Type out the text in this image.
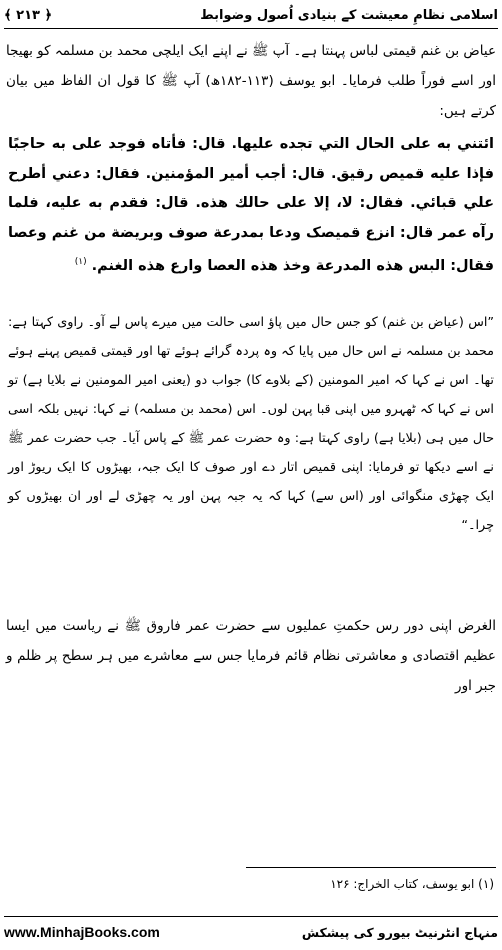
اسلامی نظامِ معیشت کے بنیادی اُصول وضوابط
﴿ ۲۱۳ ﴾
عیاض بن غنم قیمتی لباس پہنتا ہے۔ آپ ﷺ نے اپنے ایک ایلچی محمد بن مسلمہ کو بھیجا اور اسے فوراً طلب فرمایا۔ ابو یوسف (۱۱۳-۱۸۲ھ) آپ ﷺ کا قول ان الفاظ میں بیان کرتے ہیں:
ائتني به على الحال التي تجده عليها. قال: فأتاه فوجد على به حاجبًا فإذا عليه قميص رقيق. قال: أجب أمير المؤمنين. فقال: دعني أطرح علي قبائي. فقال: لا، إلا على حالك هذه. قال: فقدم به عليه، فلما رآه عمر قال: انزع قميصک ودعا بمدرعة صوف وبريضة من غنم وعصا فقال: البس هذه المدرعة وخذ هذه العصا وارع هذه الغنم. $^{(۱)}$
”اس (عیاض بن غنم) کو جس حال میں پاؤ اسی حالت میں میرے پاس لے آو۔ راوی کہتا ہے: محمد بن مسلمہ نے اس حال میں پایا کہ وہ پردہ گرائے ہوئے تھا اور قیمتی قمیص پہنے ہوئے تھا۔ اس نے کہا کہ امیر المومنین (کے بلاوے کا) جواب دو (یعنی امیر المومنین نے بلایا ہے) تو اس نے کہا کہ ٹھہرو میں اپنی قبا پہن لوں۔ اس (محمد بن مسلمہ) نے کہا: نہیں بلکہ اسی حال میں ہی (بلایا ہے) راوی کہتا ہے: وہ حضرت عمر ﷺ کے پاس آیا۔ جب حضرت عمر ﷺ نے اسے دیکھا تو فرمایا: اپنی قمیص اتار دے اور صوف کا ایک جبہ، بھیڑوں کا ایک ریوڑ اور ایک چھڑی منگوائی اور (اس سے) کہا کہ یہ جبہ پہن اور یہ چھڑی لے اور ان بھیڑوں کو چرا۔“
الغرض اپنی دور رس حکمتِ عملیوں سے حضرت عمر فاروق ﷺ نے ریاست میں ایسا عظیم اقتصادی و معاشرتی نظام قائم فرمایا جس سے معاشرے میں ہر سطح پر ظلم و جبر اور
(۱) ابو یوسف، کتاب الخراج: ۱۲۶
www.MinhajBooks.com	منہاج انٹرنیٹ بیورو کی پیشکش
